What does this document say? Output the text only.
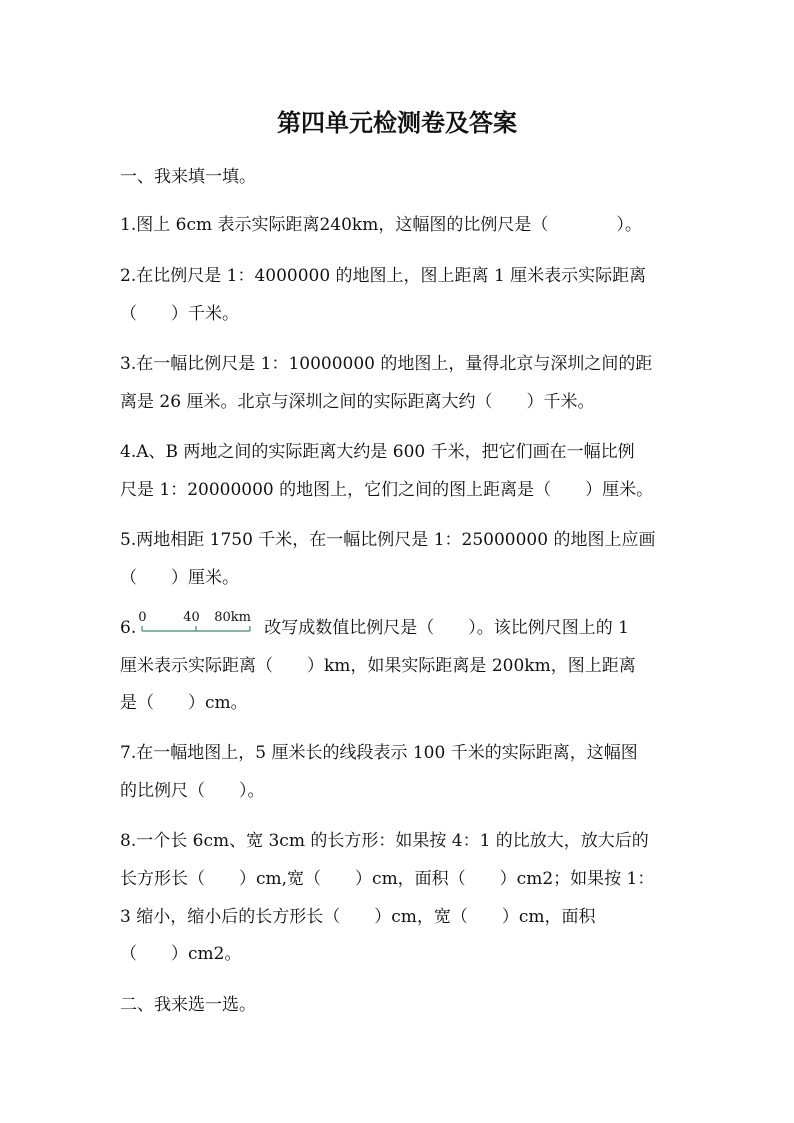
第四单元检测卷及答案
一、我来填一填。
1.图上 6cm 表示实际距离240km，这幅图的比例尺是（　　　　）。
2.在比例尺是 1：4000000 的地图上，图上距离 1 厘米表示实际距离
（　　）千米。
3.在一幅比例尺是 1：10000000 的地图上，量得北京与深圳之间的距
离是 26 厘米。北京与深圳之间的实际距离大约（　　）千米。
4.A、B 两地之间的实际距离大约是 600 千米，把它们画在一幅比例
尺是 1：20000000 的地图上，它们之间的图上距离是（　　）厘米。
5.两地相距 1750 千米，在一幅比例尺是 1：25000000 的地图上应画
（　　）厘米。
6.
0	40 80km
改写成数值比例尺是（　　）。该比例尺图上的 1
厘米表示实际距离（　　）km，如果实际距离是 200km，图上距离
是（　　）cm。
7.在一幅地图上，5 厘米长的线段表示 100 千米的实际距离，这幅图
的比例尺（　　）。
8.一个长 6cm、宽 3cm 的长方形：如果按 4：1 的比放大，放大后的
长方形长（　　）cm,宽（　　）cm，面积（　　）cm2；如果按 1：
3 缩小，缩小后的长方形长（　　）cm，宽（　　）cm，面积
（　　）cm2。
二、我来选一选。
